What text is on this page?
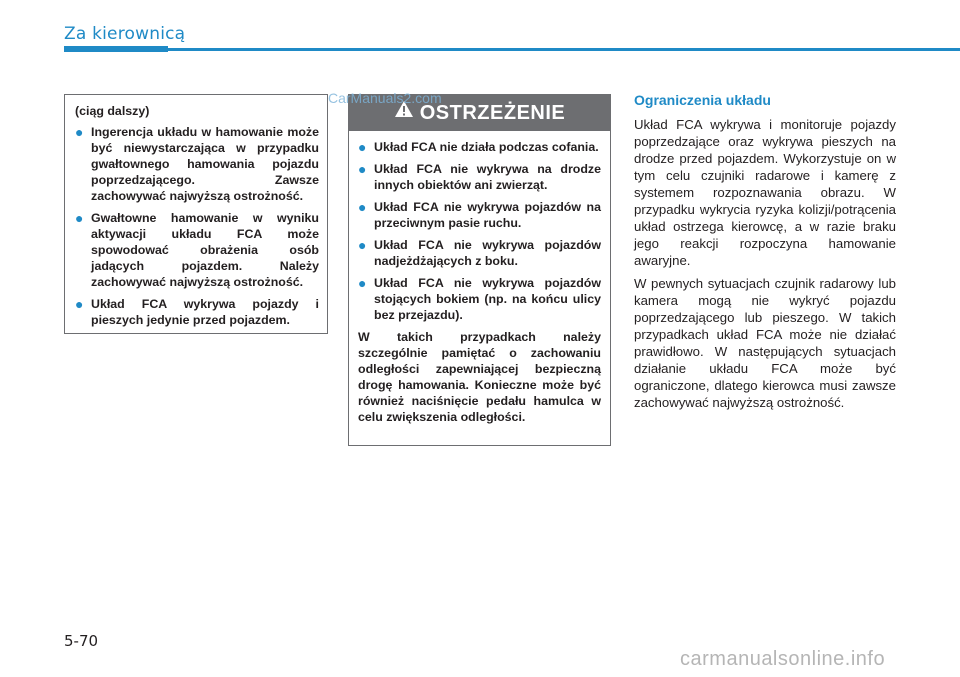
Za kierownicą
(ciąg dalszy)
● Ingerencja układu w hamowanie może być niewystarczająca w przypadku gwałtownego hamowania pojazdu poprzedzającego. Zawsze zachowywać najwyższą ostrożność.
● Gwałtowne hamowanie w wyniku aktywacji układu FCA może spowodować obrażenia osób jadących pojazdem. Należy zachowywać najwyższą ostrożność.
● Układ FCA wykrywa pojazdy i pieszych jedynie przed pojazdem.
OSTRZEŻENIE
● Układ FCA nie działa podczas cofania.
● Układ FCA nie wykrywa na drodze innych obiektów ani zwierząt.
● Układ FCA nie wykrywa pojazdów na przeciwnym pasie ruchu.
● Układ FCA nie wykrywa pojazdów nadjeżdżających z boku.
● Układ FCA nie wykrywa pojazdów stojących bokiem (np. na końcu ulicy bez przejazdu).
W takich przypadkach należy szczególnie pamiętać o zachowaniu odległości zapewniającej bezpieczną drogę hamowania. Konieczne może być również naciśnięcie pedału hamulca w celu zwiększenia odległości.
Ograniczenia układu

Układ FCA wykrywa i monitoruje pojazdy poprzedzające oraz wykrywa pieszych na drodze przed pojazdem. Wykorzystuje on w tym celu czujniki radarowe i kamerę z systemem rozpoznawania obrazu. W przypadku wykrycia ryzyka kolizji/potrącenia układ ostrzega kierowcę, a w razie braku jego reakcji rozpoczyna hamowanie awaryjne.

W pewnych sytuacjach czujnik radarowy lub kamera mogą nie wykryć pojazdu poprzedzającego lub pieszego. W takich przypadkach układ FCA może nie działać prawidłowo. W następujących sytuacjach działanie układu FCA może być ograniczone, dlatego kierowca musi zawsze zachowywać najwyższą ostrożność.

5-70
CarManuals2.com
carmanualsonline.info
